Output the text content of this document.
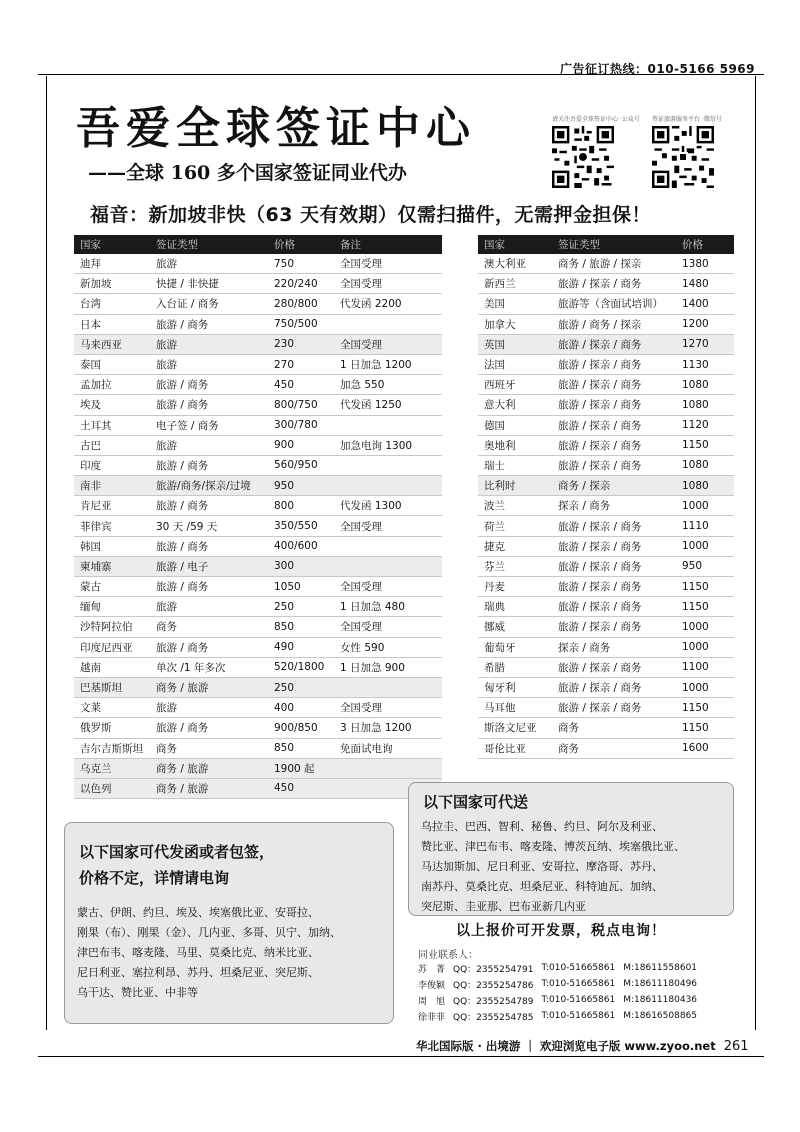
广告征订热线：010-5166 5969
吾爱全球签证中心
——全球 160 多个国家签证同业代办
请关注吾爱全球签证中心 ·公众号 签证旅游服务平台 ·微信号
福音：新加坡非快（63 天有效期）仅需扫描件，无需押金担保！
国家	签证类型	价格	备注
迪拜	旅游	750	全国受理
新加坡	快捷 / 非快捷	220/240	全国受理
台湾	入台证 / 商务	280/800	代发函 2200
日本	旅游 / 商务	750/500	
马来西亚	旅游	230	全国受理
泰国	旅游	270	1 日加急 1200
孟加拉	旅游 / 商务	450	加急 550
埃及	旅游 / 商务	800/750	代发函 1250
土耳其	电子签 / 商务	300/780	
古巴	旅游	900	加急电询 1300
印度	旅游 / 商务	560/950	
南非	旅游/商务/探亲/过境	950	
肯尼亚	旅游 / 商务	800	代发函 1300
菲律宾	30 天 /59 天	350/550	全国受理
韩国	旅游 / 商务	400/600	
柬埔寨	旅游 / 电子	300	
蒙古	旅游 / 商务	1050	全国受理
缅甸	旅游	250	1 日加急 480
沙特阿拉伯	商务	850	全国受理
印度尼西亚	旅游 / 商务	490	女性 590
越南	单次 /1 年多次	520/1800	1 日加急 900
巴基斯坦	商务 / 旅游	250	
文莱	旅游	400	全国受理
俄罗斯	旅游 / 商务	900/850	3 日加急 1200
吉尔吉斯斯坦	商务	850	免面试电询
乌克兰	商务 / 旅游	1900 起	
以色列	商务 / 旅游	450	
国家	签证类型	价格
澳大利亚	商务 / 旅游 / 探亲	1380
新西兰	旅游 / 探亲 / 商务	1480
美国	旅游等（含面试培训）	1400
加拿大	旅游 / 商务 / 探亲	1200
英国	旅游 / 探亲 / 商务	1270
法国	旅游 / 探亲 / 商务	1130
西班牙	旅游 / 探亲 / 商务	1080
意大利	旅游 / 探亲 / 商务	1080
德国	旅游 / 探亲 / 商务	1120
奥地利	旅游 / 探亲 / 商务	1150
瑞士	旅游 / 探亲 / 商务	1080
比利时	商务 / 探亲	1080
波兰	探亲 / 商务	1000
荷兰	旅游 / 探亲 / 商务	1110
捷克	旅游 / 探亲 / 商务	1000
芬兰	旅游 / 探亲 / 商务	950
丹麦	旅游 / 探亲 / 商务	1150
瑞典	旅游 / 探亲 / 商务	1150
挪威	旅游 / 探亲 / 商务	1000
葡萄牙	探亲 / 商务	1000
希腊	旅游 / 探亲 / 商务	1100
匈牙利	旅游 / 探亲 / 商务	1000
马耳他	旅游 / 探亲 / 商务	1150
斯洛文尼亚	商务	1150
哥伦比亚	商务	1600
以下国家可代送
乌拉圭、巴西、智利、秘鲁、约旦、阿尔及利亚、
赞比亚、津巴布韦、喀麦隆、博茨瓦纳、埃塞俄比亚、
马达加斯加、尼日利亚、安哥拉、摩洛哥、苏丹、
南苏丹、莫桑比克、坦桑尼亚、科特迪瓦、加纳、
突尼斯、圭亚那、巴布亚新几内亚
以下国家可代发函或者包签，
价格不定，详情请电询
蒙古、伊朗、约旦、埃及、埃塞俄比亚、安哥拉、
刚果（布）、刚果（金）、几内亚、多哥、贝宁、加纳、
津巴布韦、喀麦隆、马里、莫桑比克、纳米比亚、
尼日利亚、塞拉利昂、苏丹、坦桑尼亚、突尼斯、
乌干达、赞比亚、中非等
以上报价可开发票，税点电询！
同业联系人：
苏　菁	QQ：2355254791	T:010-51665861	M:18611558601
李俊颖	QQ：2355254786	T:010-51665861	M:18611180496
周　旭	QQ：2355254789	T:010-51665861	M:18611180436
徐菲菲	QQ：2355254785	T:010-51665861	M:18616508865
华北国际版 · 出境游 ｜ 欢迎浏览电子版 www.zyoo.net 261
